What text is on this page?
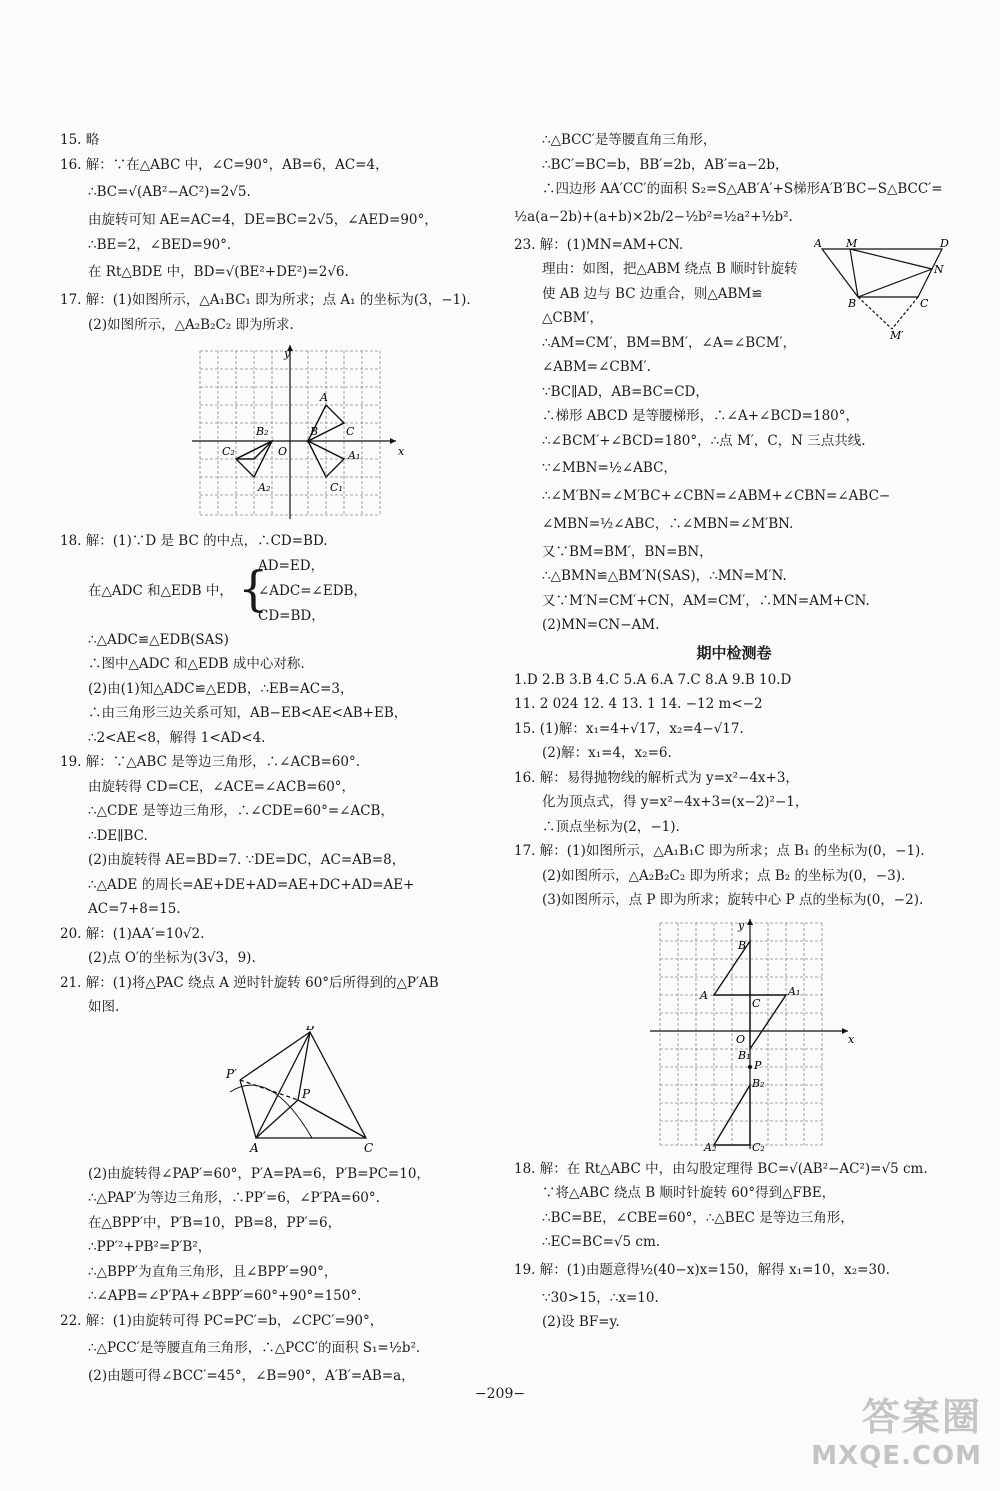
15. 略
16. 解：∵在△ABC 中，∠C=90°，AB=6，AC=4，
∴BC=√(AB²−AC²)=2√5.
由旋转可知 AE=AC=4，DE=BC=2√5，∠AED=90°，
∴BE=2，∠BED=90°.
在 Rt△BDE 中，BD=√(BE²+DE²)=2√6.
17. 解：(1)如图所示，△A₁BC₁ 即为所求；点 A₁ 的坐标为(3，−1).
(2)如图所示，△A₂B₂C₂ 即为所求.
y
x
O
A
B	C
A₁
B₂
C₁
C₂
A₂
18. 解：(1)∵D 是 BC 的中点，∴CD=BD.
在△ADC 和△EDB 中， {
AD=ED，
∠ADC=∠EDB，
CD=BD，
∴△ADC≌△EDB(SAS)
∴图中△ADC 和△EDB 成中心对称.
(2)由(1)知△ADC≌△EDB，∴EB=AC=3，
∴由三角形三边关系可知，AB−EB<AE<AB+EB，
∴2<AE<8，解得 1<AD<4.
19. 解：∵△ABC 是等边三角形，∴∠ACB=60°.
由旋转得 CD=CE，∠ACE=∠ACB=60°，
∴△CDE 是等边三角形，∴∠CDE=60°=∠ACB，
∴DE∥BC.
(2)由旋转得 AE=BD=7. ∵DE=DC，AC=AB=8，
∴△ADE 的周长=AE+DE+AD=AE+DC+AD=AE+
AC=7+8=15.
20. 解：(1)AA′=10√2.
(2)点 O′的坐标为(3√3，9).
21. 解：(1)将△PAC 绕点 A 逆时针旋转 60°后所得到的△P′AB
如图.
B
P′
P
A	C
(2)由旋转得∠PAP′=60°，P′A=PA=6，P′B=PC=10，
∴△PAP′为等边三角形，∴PP′=6，∠P′PA=60°.
在△BPP′中，P′B=10，PB=8，PP′=6，
∴PP′²+PB²=P′B²，
∴△BPP′为直角三角形，且∠BPP′=90°，
∴∠APB=∠P′PA+∠BPP′=60°+90°=150°.
22. 解：(1)由旋转可得 PC=PC′=b，∠CPC′=90°，
∴△PCC′是等腰直角三角形，∴△PCC′的面积 S₁=½b².
(2)由题可得∠BCC′=45°，∠B=90°，A′B′=AB=a，
∴△BCC′是等腰直角三角形，
∴BC′=BC=b，BB′=2b，AB′=a−2b，
∴四边形 AA′CC′的面积 S₂=S△AB′A′+S梯形A′B′BC−S△BCC′=
½a(a−2b)+(a+b)×2b/2−½b²=½a²+½b².
23. 解：(1)MN=AM+CN.
理由：如图，把△ABM 绕点 B 顺时针旋转
使 AB 边与 BC 边重合，则△ABM≌
△CBM′，
∴AM=CM′，BM=BM′，∠A=∠BCM′，
A M	D
N
B	C
M′
∠ABM=∠CBM′.
∵BC∥AD，AB=BC=CD，
∴梯形 ABCD 是等腰梯形，∴∠A+∠BCD=180°，
∴∠BCM′+∠BCD=180°，∴点 M′，C，N 三点共线.
∵∠MBN=½∠ABC，
∴∠M′BN=∠M′BC+∠CBN=∠ABM+∠CBN=∠ABC−
∠MBN=½∠ABC，∴∠MBN=∠M′BN.
又∵BM=BM′，BN=BN，
∴△BMN≌△BM′N(SAS)，∴MN=M′N.
又∵M′N=CM′+CN，AM=CM′，∴MN=AM+CN.
(2)MN=CN−AM.
期中检测卷
1.D 2.B 3.B 4.C 5.A 6.A 7.C 8.A 9.B 10.D
11. 2 024 12. 4 13. 1 14. −12 m<−2
15. (1)解：x₁=4+√17，x₂=4−√17.
(2)解：x₁=4，x₂=6.
16. 解：易得抛物线的解析式为 y=x²−4x+3，
化为顶点式，得 y=x²−4x+3=(x−2)²−1，
∴顶点坐标为(2，−1).
17. 解：(1)如图所示，△A₁B₁C 即为所求；点 B₁ 的坐标为(0，−1).
(2)如图所示，△A₂B₂C₂ 即为所求；点 B₂ 的坐标为(0，−3).
(3)如图所示，点 P 即为所求；旋转中心 P 点的坐标为(0，−2).
y
x
O
B
A
C
A₁
B₁
P
B₂
A₂	C₂
18. 解：在 Rt△ABC 中，由勾股定理得 BC=√(AB²−AC²)=√5 cm.
∵将△ABC 绕点 B 顺时针旋转 60°得到△FBE，
∴BC=BE，∠CBE=60°，∴△BEC 是等边三角形，
∴EC=BC=√5 cm.
19. 解：(1)由题意得½(40−x)x=150，解得 x₁=10，x₂=30.
∵30>15，∴x=10.
(2)设 BF=y.
−209−
答案圈
MXQE.COM
